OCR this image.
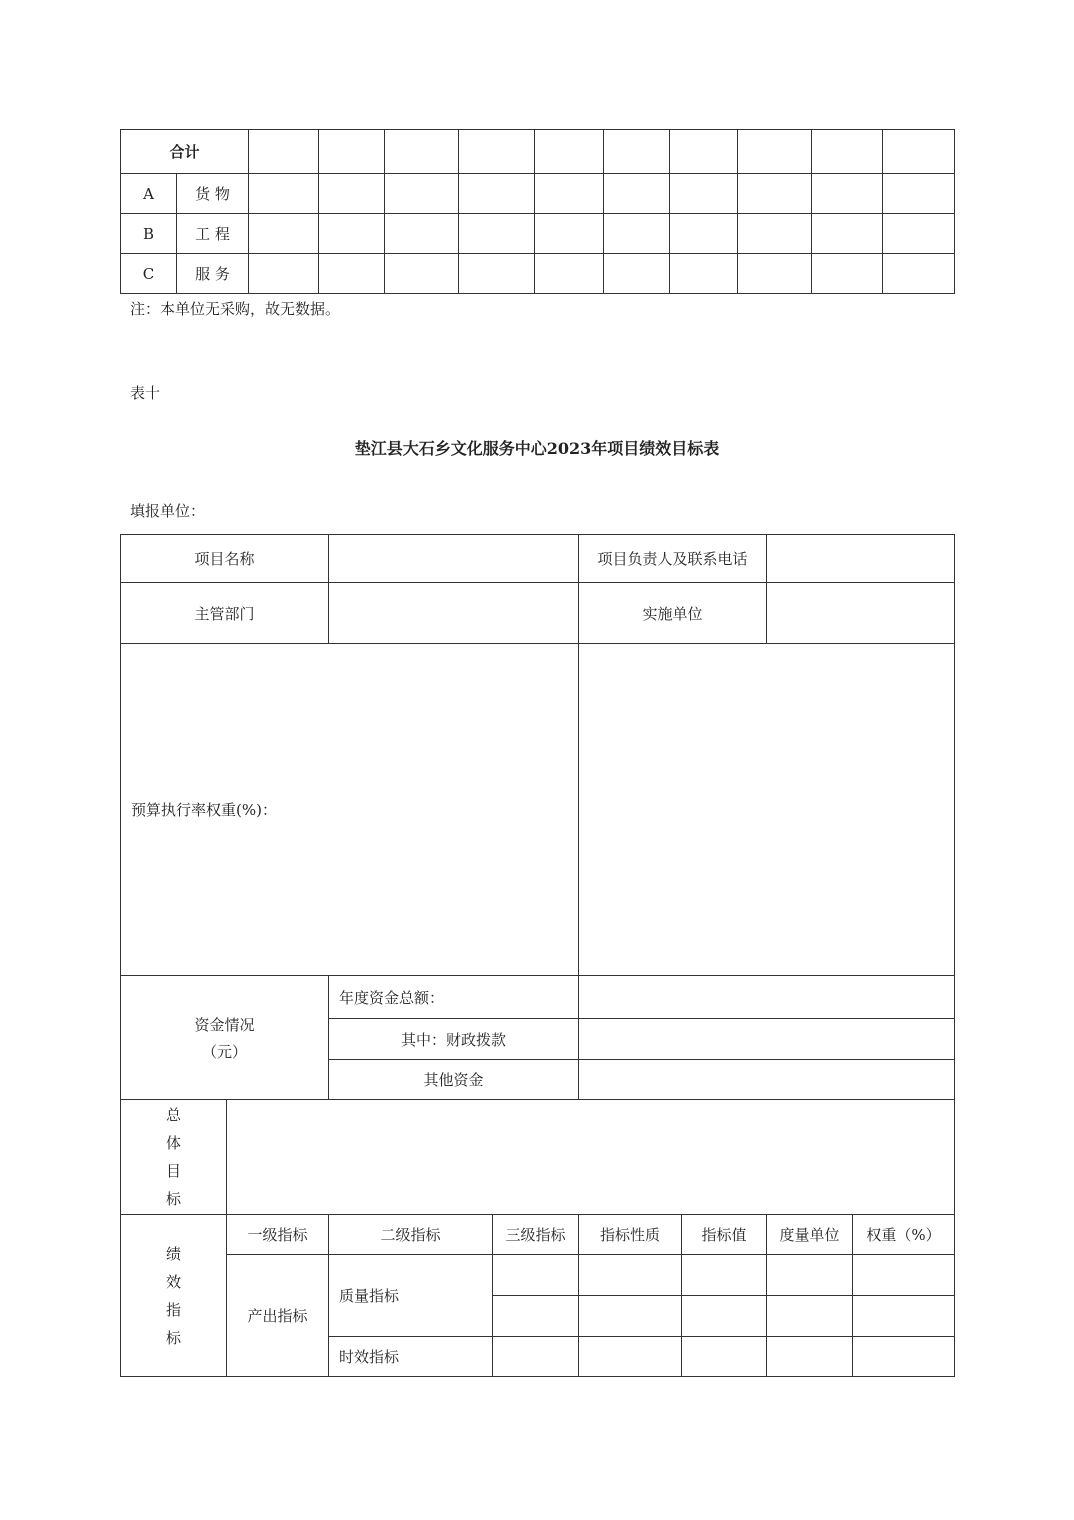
合计											
A	货 物										
B	工 程										
C	服 务										
注：本单位无采购，故无数据。
表十
垫江县大石乡文化服务中心2023年项目绩效目标表
填报单位：
项目名称				项目负责人及联系电话			
主管部门				实施单位			
预算执行率权重(%)：							

资金情况
（元）		年度资金总额：					
		其中：财政拨款					
		其他资金					

总
体
目
标							

绩
效
指
标	一级指标	二级指标	三级指标	指标性质	指标值	度量单位	权重（%）
	产出指标	质量指标					

		时效指标					
